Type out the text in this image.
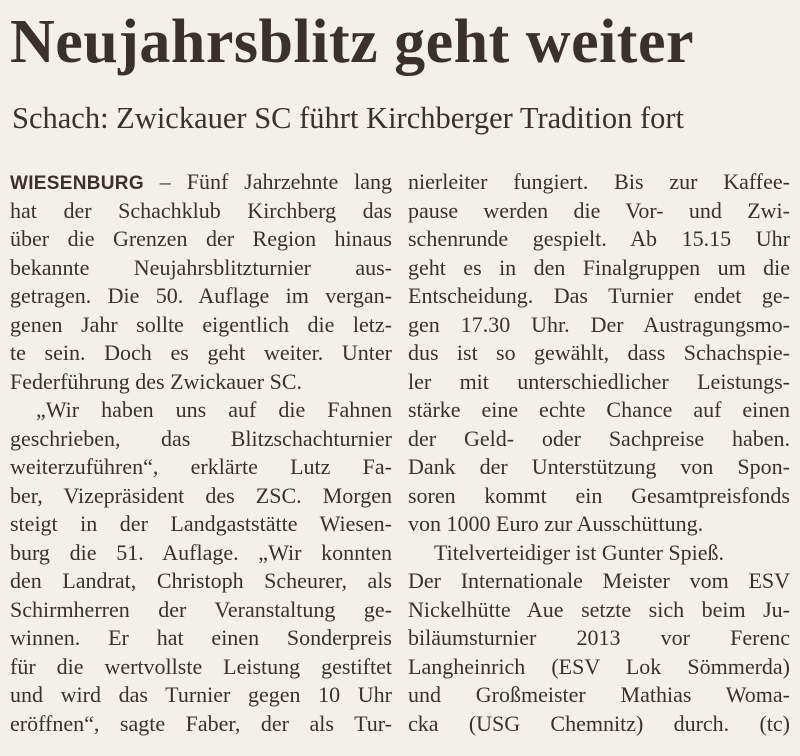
Neujahrsblitz geht weiter
Schach: Zwickauer SC führt Kirchberger Tradition fort
WIESENBURG – Fünf Jahrzehnte lang
hat der Schachklub Kirchberg das
über die Grenzen der Region hinaus
bekannte Neujahrsblitzturnier aus-
getragen. Die 50. Auflage im vergan-
genen Jahr sollte eigentlich die letz-
te sein. Doch es geht weiter. Unter
Federführung des Zwickauer SC.
„Wir haben uns auf die Fahnen
geschrieben, das Blitzschachturnier
weiterzuführen“, erklärte Lutz Fa-
ber, Vizepräsident des ZSC. Morgen
steigt in der Landgaststätte Wiesen-
burg die 51. Auflage. „Wir konnten
den Landrat, Christoph Scheurer, als
Schirmherren der Veranstaltung ge-
winnen. Er hat einen Sonderpreis
für die wertvollste Leistung gestiftet
und wird das Turnier gegen 10 Uhr
eröffnen“, sagte Faber, der als Tur-
nierleiter fungiert. Bis zur Kaffee-
pause werden die Vor- und Zwi-
schenrunde gespielt. Ab 15.15 Uhr
geht es in den Finalgruppen um die
Entscheidung. Das Turnier endet ge-
gen 17.30 Uhr. Der Austragungsmo-
dus ist so gewählt, dass Schachspie-
ler mit unterschiedlicher Leistungs-
stärke eine echte Chance auf einen
der Geld- oder Sachpreise haben.
Dank der Unterstützung von Spon-
soren kommt ein Gesamtpreisfonds
von 1000 Euro zur Ausschüttung.
Titelverteidiger ist Gunter Spieß.
Der Internationale Meister vom ESV
Nickelhütte Aue setzte sich beim Ju-
biläumsturnier 2013 vor Ferenc
Langheinrich (ESV Lok Sömmerda)
und Großmeister Mathias Woma-
cka (USG Chemnitz) durch. (tc)
